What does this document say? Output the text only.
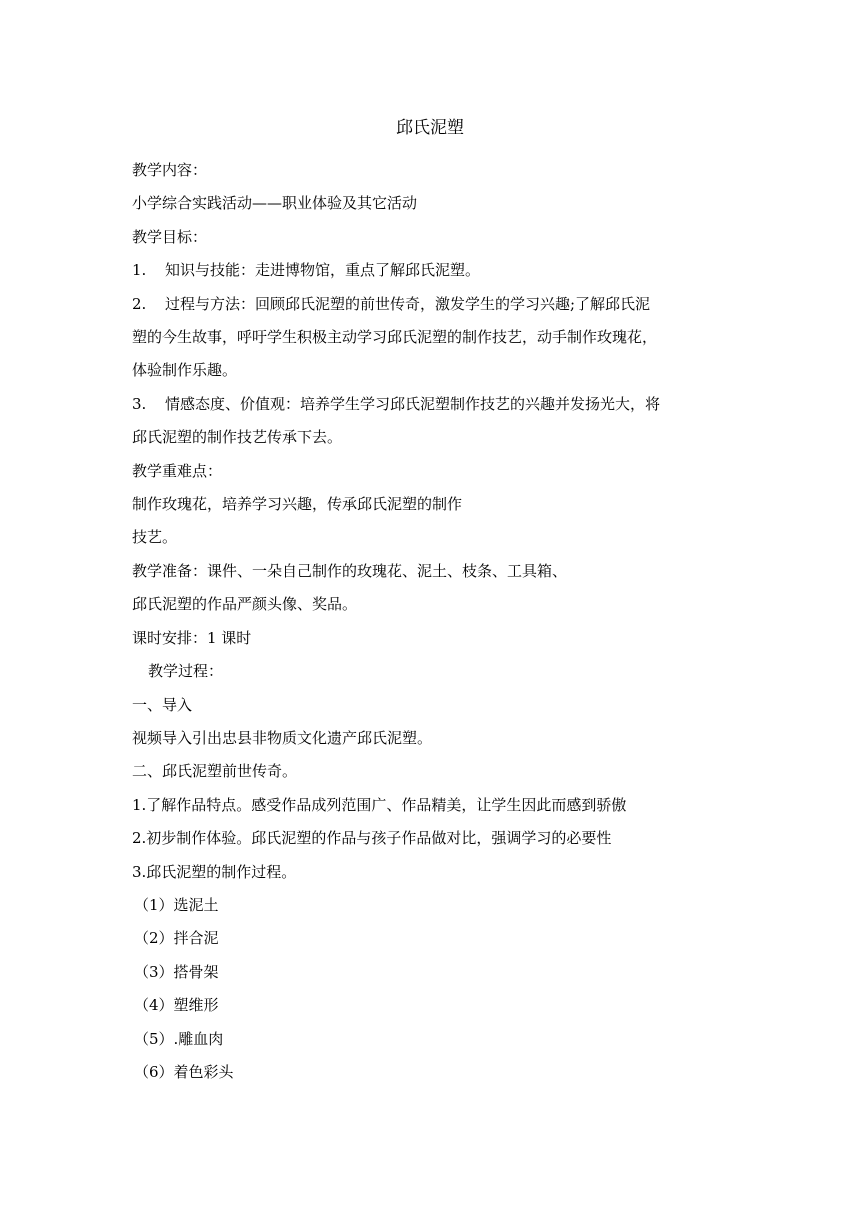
邱氏泥塑

教学内容：

小学综合实践活动——职业体验及其它活动

教学目标：

1. 知识与技能：走进博物馆，重点了解邱氏泥塑。

2. 过程与方法：回顾邱氏泥塑的前世传奇，激发学生的学习兴趣;了解邱氏泥

塑的今生故事，呼吁学生积极主动学习邱氏泥塑的制作技艺，动手制作玫瑰花，

体验制作乐趣。

3. 情感态度、价值观：培养学生学习邱氏泥塑制作技艺的兴趣并发扬光大，将

邱氏泥塑的制作技艺传承下去。

教学重难点：

制作玫瑰花，培养学习兴趣，传承邱氏泥塑的制作

技艺。

教学准备：课件、一朵自己制作的玫瑰花、泥土、枝条、工具箱、

邱氏泥塑的作品严颜头像、奖品。

课时安排：1 课时

教学过程：

一、导入

视频导入引出忠县非物质文化遗产邱氏泥塑。

二、邱氏泥塑前世传奇。

1.了解作品特点。感受作品成列范围广、作品精美，让学生因此而感到骄傲

2.初步制作体验。邱氏泥塑的作品与孩子作品做对比，强调学习的必要性

3.邱氏泥塑的制作过程。

（1）选泥土

（2）拌合泥

（3）搭骨架

（4）塑维形

（5）.雕血肉

（6）着色彩头
